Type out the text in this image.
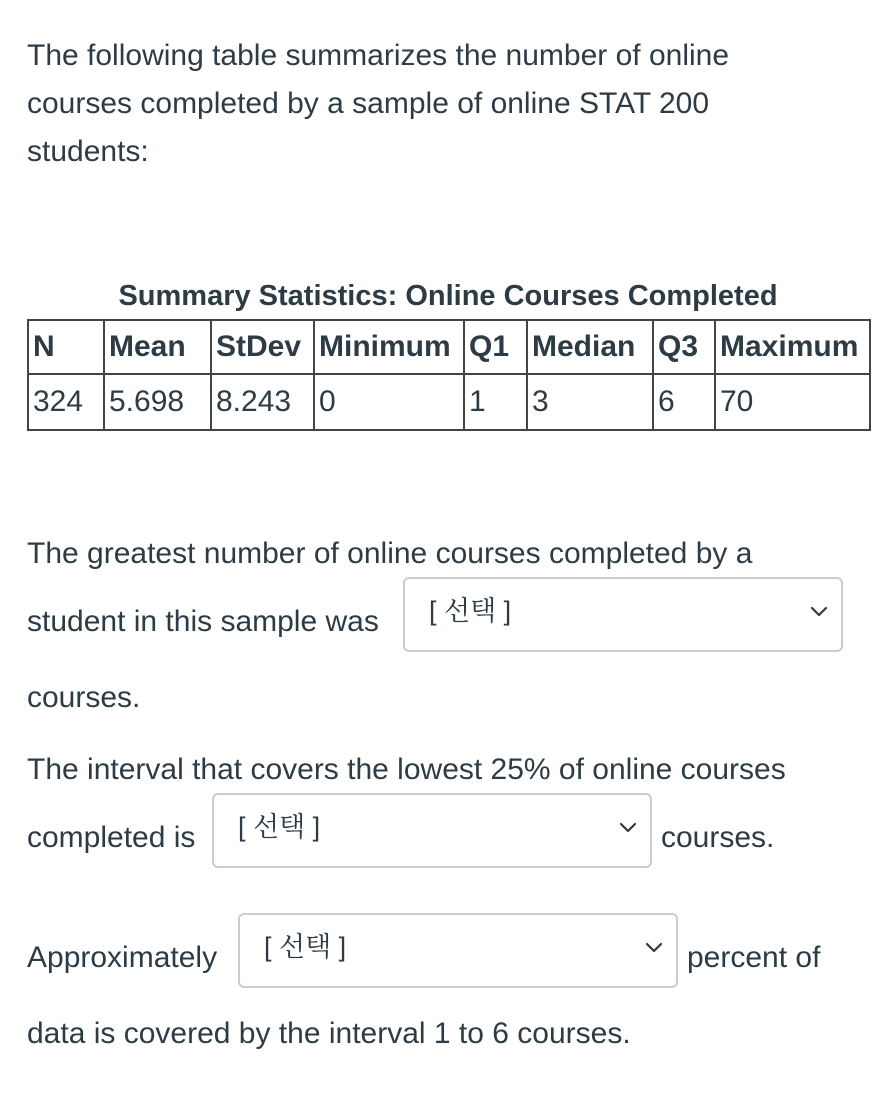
The following table summarizes the number of online
courses completed by a sample of online STAT 200
students:
Summary Statistics: Online Courses Completed
N	Mean	StDev	Minimum	Q1	Median	Q3	Maximum
324	5.698	8.243	0	1	3	6	70
The greatest number of online courses completed by a
student in this sample was [ 선택 ]
courses.
The interval that covers the lowest 25% of online courses
completed is [ 선택 ]	courses.
Approximately [ 선택 ]	percent of
data is covered by the interval 1 to 6 courses.
